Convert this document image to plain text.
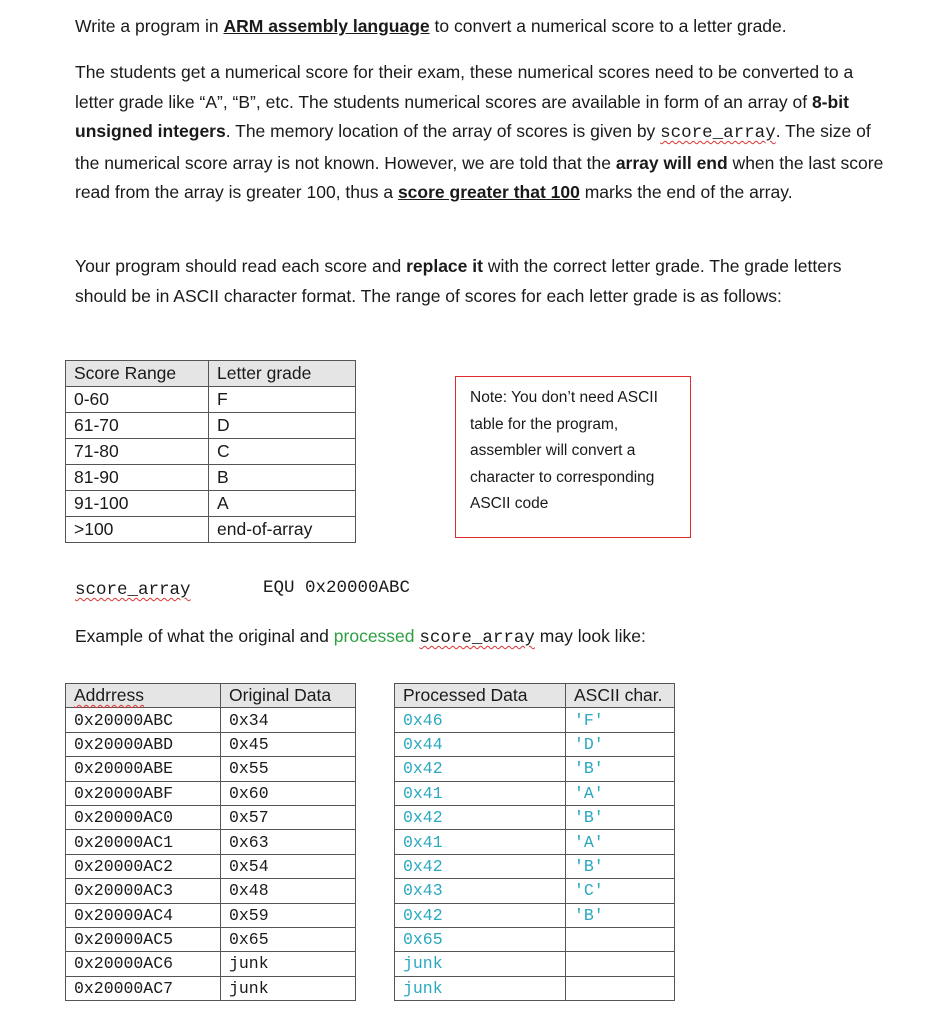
Write a program in ARM assembly language to convert a numerical score to a letter grade.

The students get a numerical score for their exam, these numerical scores need to be converted to a letter grade like “A”, “B”, etc. The students numerical scores are available in form of an array of 8-bit unsigned integers. The memory location of the array of scores is given by score_array. The size of the numerical score array is not known. However, we are told that the array will end when the last score read from the array is greater 100, thus a score greater that 100 marks the end of the array.

Your program should read each score and replace it with the correct letter grade. The grade letters should be in ASCII character format. The range of scores for each letter grade is as follows:

Score Range	Letter grade
0-60	F
61-70	D
71-80	C
81-90	B
91-100	A
>100	end-of-array
Note: You don’t need ASCII table for the program, assembler will convert a character to corresponding ASCII code
score_array	EQU 0x20000ABC

Example of what the original and processed score_array may look like:

Addrress	Original Data		Processed Data	ASCII char.
0x20000ABC	0x34		0x46	'F'
0x20000ABD	0x45		0x44	'D'
0x20000ABE	0x55		0x42	'B'
0x20000ABF	0x60		0x41	'A'
0x20000AC0	0x57		0x42	'B'
0x20000AC1	0x63		0x41	'A'
0x20000AC2	0x54		0x42	'B'
0x20000AC3	0x48		0x43	'C'
0x20000AC4	0x59		0x42	'B'
0x20000AC5	0x65		0x65	
0x20000AC6	junk		junk	
0x20000AC7	junk		junk	
